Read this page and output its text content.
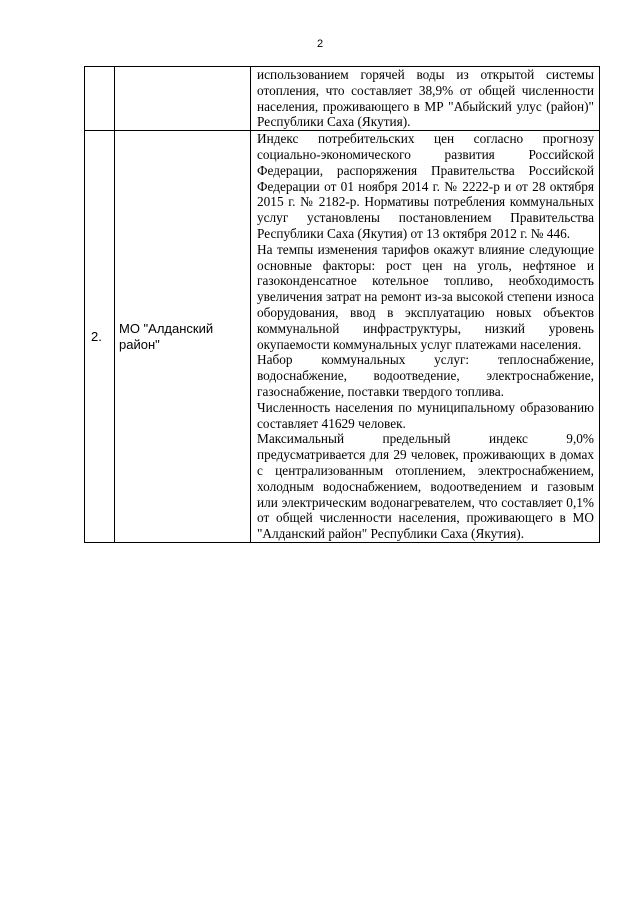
2

		использованием горячей воды из открытой системы отопления, что составляет 38,9% от общей численности населения, проживающего в МР "Абыйский улус (район)" Республики Саха (Якутия).

2.	МО "Алданский район"	Индекс потребительских цен согласно прогнозу социально-экономического развития Российской Федерации, распоряжения Правительства Российской Федерации от 01 ноября 2014 г. № 2222-р и от 28 октября 2015 г. № 2182-р. Нормативы потребления коммунальных услуг установлены постановлением Правительства Республики Саха (Якутия) от 13 октября 2012 г. № 446.

На темпы изменения тарифов окажут влияние следующие основные факторы: рост цен на уголь, нефтяное и газоконденсатное котельное топливо, необходимость увеличения затрат на ремонт из-за высокой степени износа оборудования, ввод в эксплуатацию новых объектов коммунальной инфраструктуры, низкий уровень окупаемости коммунальных услуг платежами населения.

Набор коммунальных услуг: теплоснабжение, водоснабжение, водоотведение, электроснабжение, газоснабжение, поставки твердого топлива.

Численность населения по муниципальному образованию составляет 41629 человек.

Максимальный предельный индекс 9,0% предусматривается для 29 человек, проживающих в домах с централизованным отоплением, электроснабжением, холодным водоснабжением, водоотведением и газовым или электрическим водонагревателем, что составляет 0,1% от общей численности населения, проживающего в МО "Алданский район" Республики Саха (Якутия).
